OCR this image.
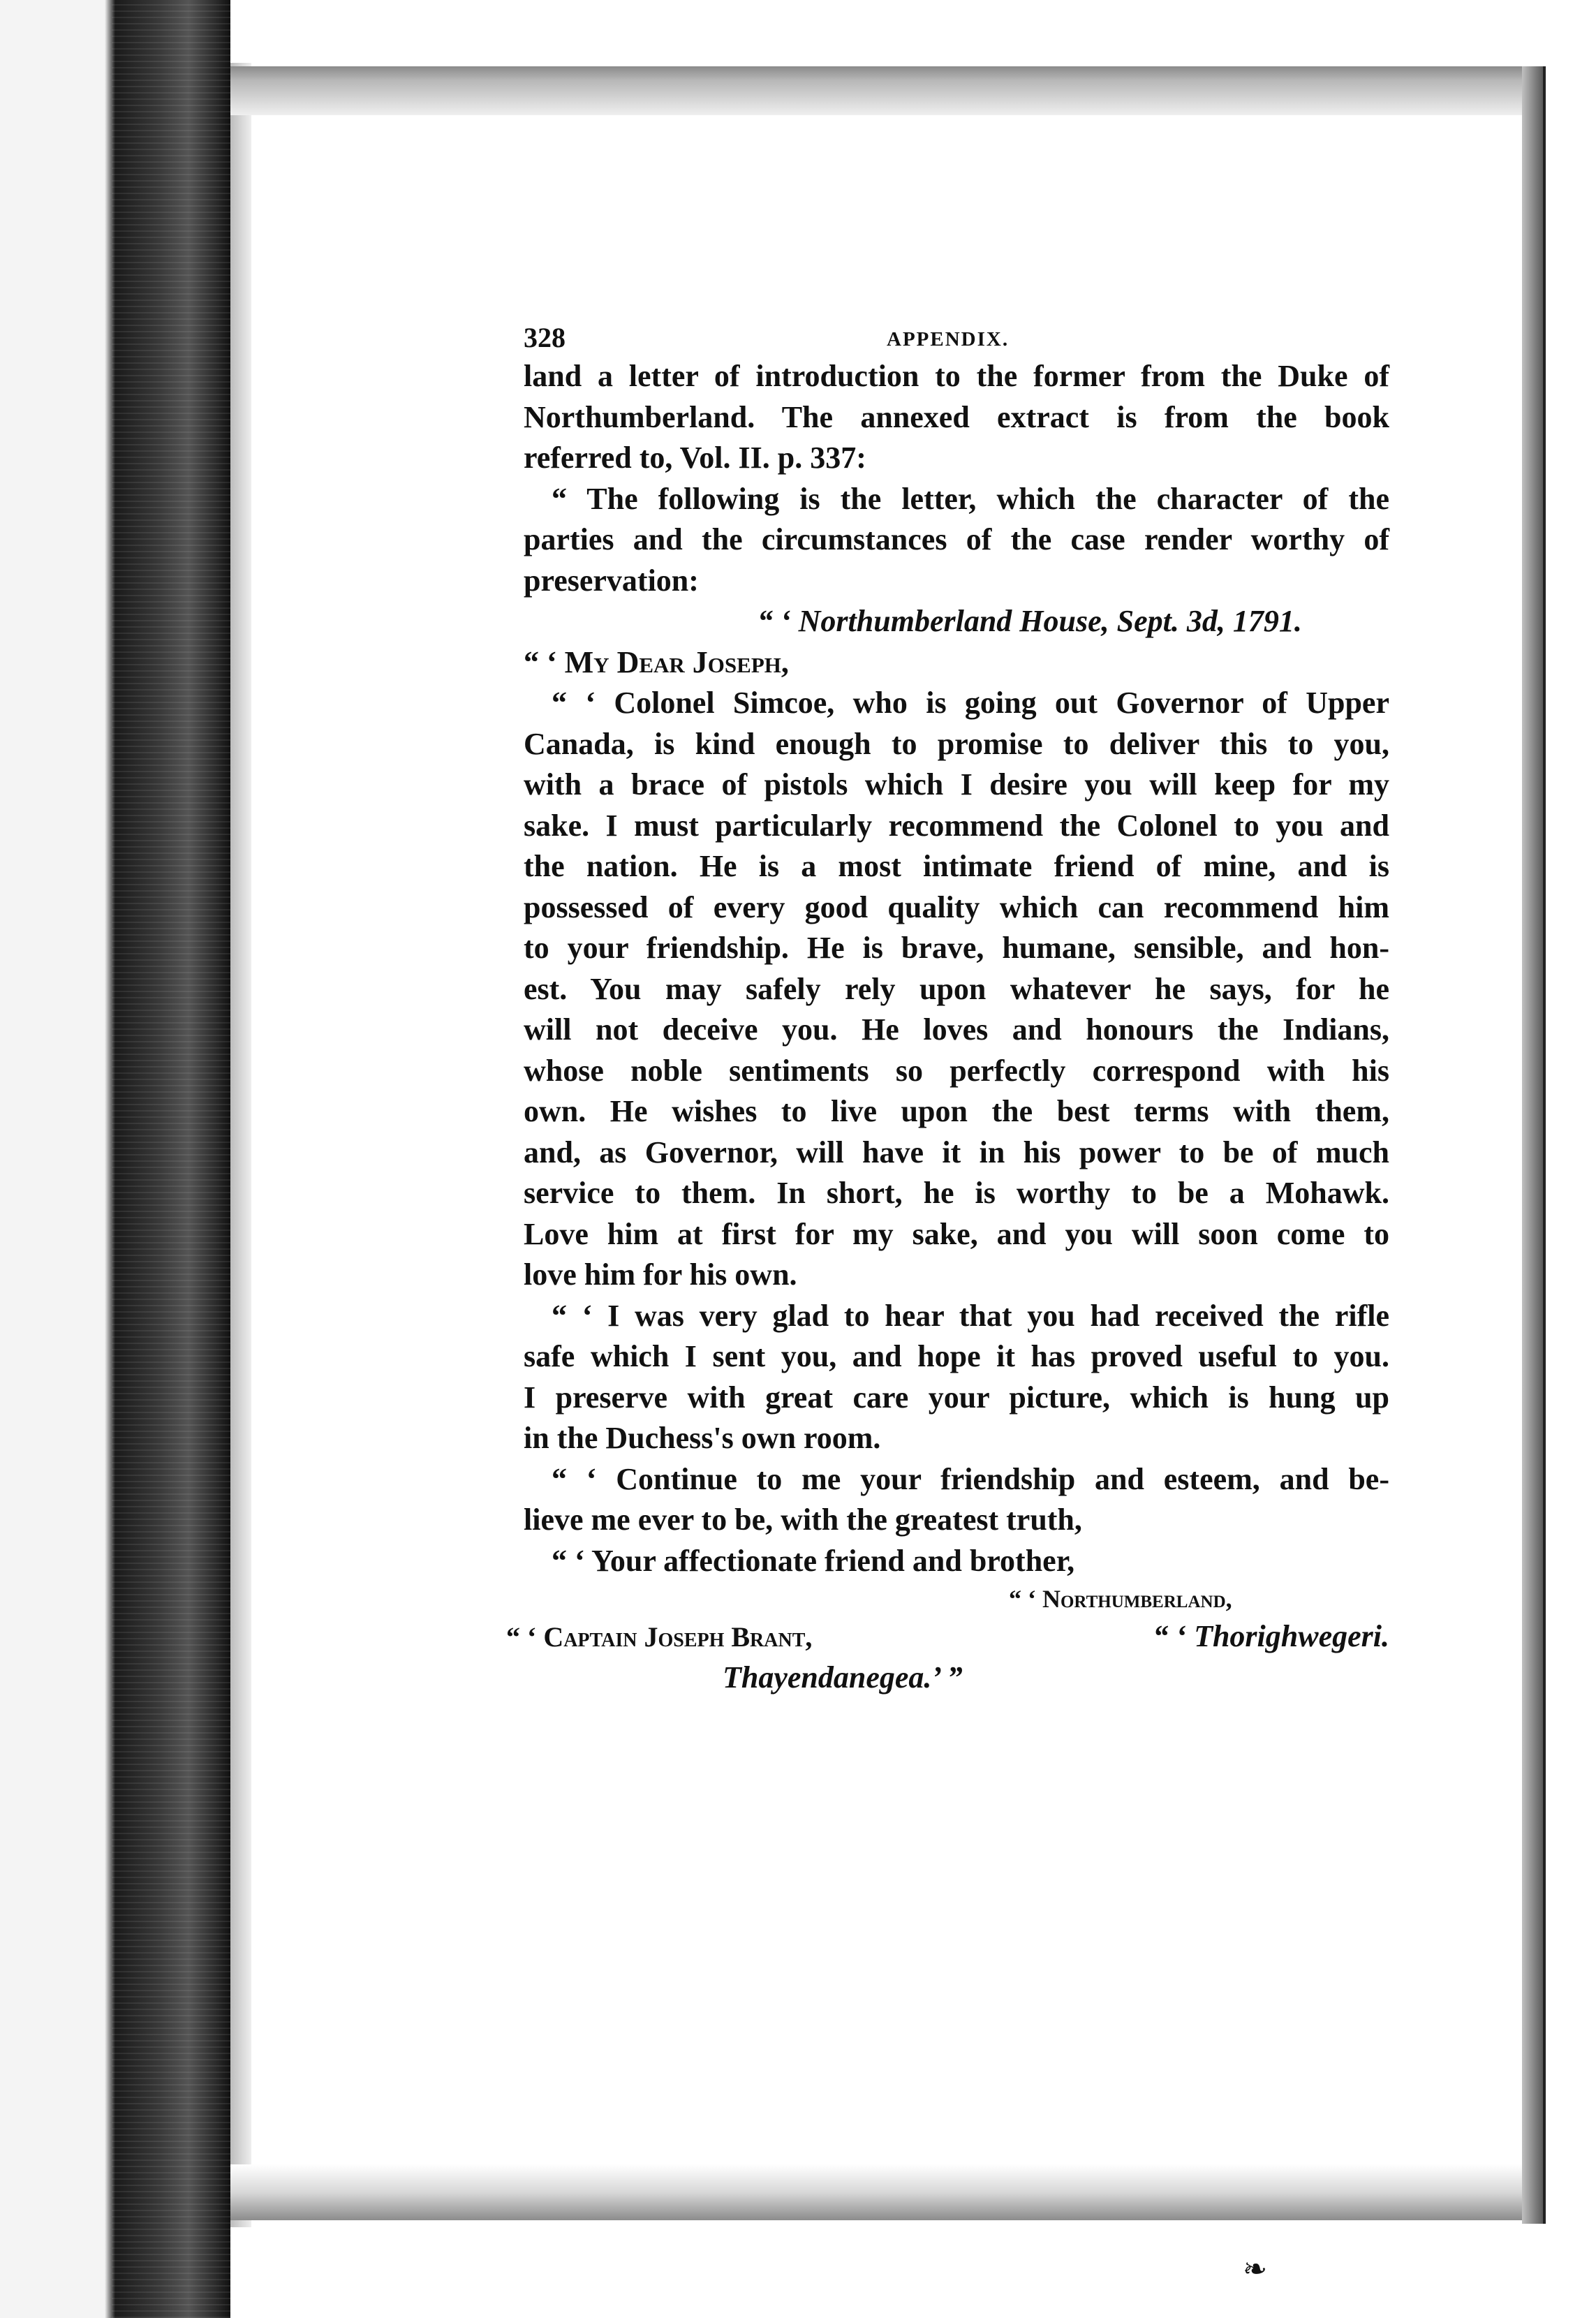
328	APPENDIX.
land a letter of introduction to the former from the Duke of
Northumberland. The annexed extract is from the book
referred to, Vol. II. p. 337:
“ The following is the letter, which the character of the
parties and the circumstances of the case render worthy of
preservation:
“ ‘ Northumberland House, Sept. 3d, 1791.
“ ‘ My Dear Joseph,
“ ‘ Colonel Simcoe, who is going out Governor of Upper
Canada, is kind enough to promise to deliver this to you,
with a brace of pistols which I desire you will keep for my
sake. I must particularly recommend the Colonel to you and
the nation. He is a most intimate friend of mine, and is
possessed of every good quality which can recommend him
to your friendship. He is brave, humane, sensible, and hon-
est. You may safely rely upon whatever he says, for he
will not deceive you. He loves and honours the Indians,
whose noble sentiments so perfectly correspond with his
own. He wishes to live upon the best terms with them,
and, as Governor, will have it in his power to be of much
service to them. In short, he is worthy to be a Mohawk.
Love him at first for my sake, and you will soon come to
love him for his own.
“ ‘ I was very glad to hear that you had received the rifle
safe which I sent you, and hope it has proved useful to you.
I preserve with great care your picture, which is hung up
in the Duchess's own room.
“ ‘ Continue to me your friendship and esteem, and be-
lieve me ever to be, with the greatest truth,
“ ‘ Your affectionate friend and brother,
“ ‘ Northumberland,
“ ‘ Captain Joseph Brant,	“ ‘ Thorighwegeri.
Thayendanegea.’ ”
❧
